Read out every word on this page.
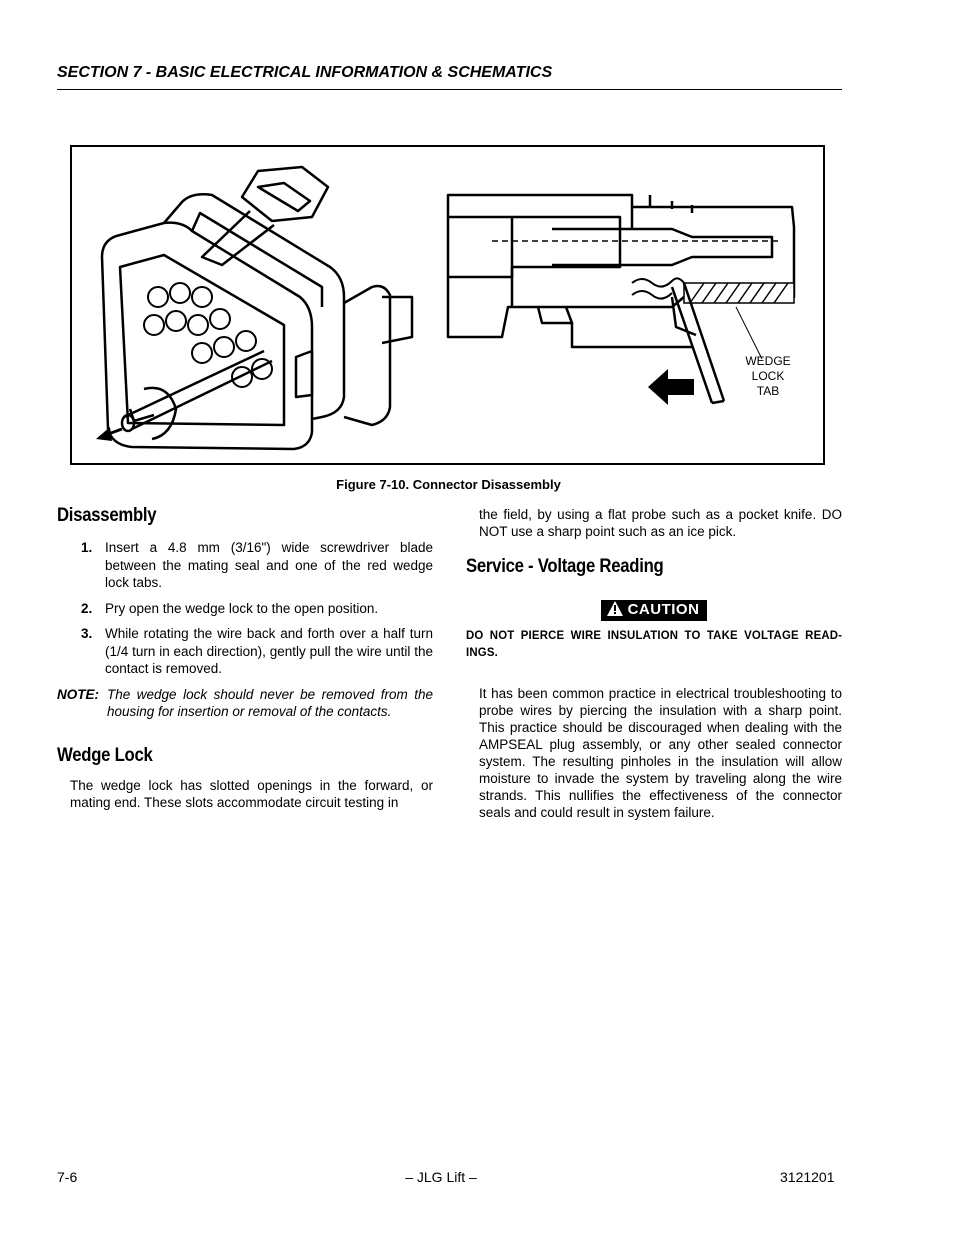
SECTION 7 - BASIC ELECTRICAL INFORMATION & SCHEMATICS
WEDGE
LOCK
TAB
Figure 7-10. Connector Disassembly
Disassembly
1. Insert a 4.8 mm (3/16") wide screwdriver blade between the mating seal and one of the red wedge lock tabs.
2. Pry open the wedge lock to the open position.
3. While rotating the wire back and forth over a half turn (1/4 turn in each direction), gently pull the wire until the contact is removed.
NOTE: The wedge lock should never be removed from the housing for insertion or removal of the contacts.
Wedge Lock
The wedge lock has slotted openings in the forward, or mating end. These slots accommodate circuit testing in
the field, by using a flat probe such as a pocket knife. DO NOT use a sharp point such as an ice pick.
Service - Voltage Reading
CAUTION
DO NOT PIERCE WIRE INSULATION TO TAKE VOLTAGE READ-INGS.
It has been common practice in electrical troubleshooting to probe wires by piercing the insulation with a sharp point. This practice should be discouraged when dealing with the AMPSEAL plug assembly, or any other sealed connector system. The resulting pinholes in the insulation will allow moisture to invade the system by traveling along the wire strands. This nullifies the effectiveness of the connector seals and could result in system failure.
7-6	– JLG Lift –	3121201
